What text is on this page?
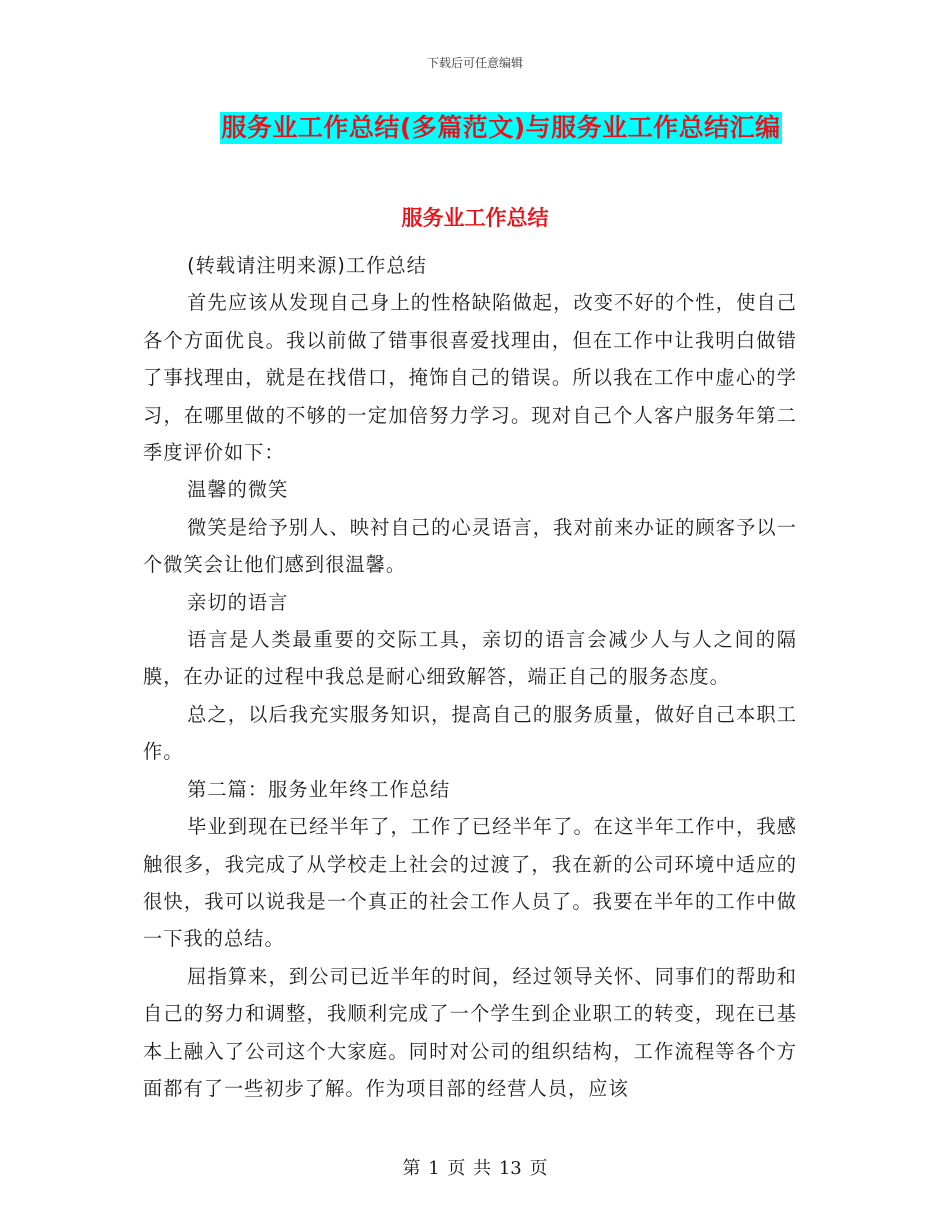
下载后可任意编辑
服务业工作总结(多篇范文)与服务业工作总结汇编
服务业工作总结

(转载请注明来源)工作总结

首先应该从发现自己身上的性格缺陷做起，改变不好的个性，使自己各个方面优良。我以前做了错事很喜爱找理由，但在工作中让我明白做错了事找理由，就是在找借口，掩饰自己的错误。所以我在工作中虚心的学习，在哪里做的不够的一定加倍努力学习。现对自己个人客户服务年第二季度评价如下：

温馨的微笑

微笑是给予别人、映衬自己的心灵语言，我对前来办证的顾客予以一个微笑会让他们感到很温馨。

亲切的语言

语言是人类最重要的交际工具，亲切的语言会减少人与人之间的隔膜，在办证的过程中我总是耐心细致解答，端正自己的服务态度。

总之，以后我充实服务知识，提高自己的服务质量，做好自己本职工作。

第二篇：服务业年终工作总结

毕业到现在已经半年了，工作了已经半年了。在这半年工作中，我感触很多，我完成了从学校走上社会的过渡了，我在新的公司环境中适应的很快，我可以说我是一个真正的社会工作人员了。我要在半年的工作中做一下我的总结。

屈指算来，到公司已近半年的时间，经过领导关怀、同事们的帮助和自己的努力和调整，我顺利完成了一个学生到企业职工的转变，现在已基本上融入了公司这个大家庭。同时对公司的组织结构，工作流程等各个方面都有了一些初步了解。作为项目部的经营人员，应该

第 1 页 共 13 页
